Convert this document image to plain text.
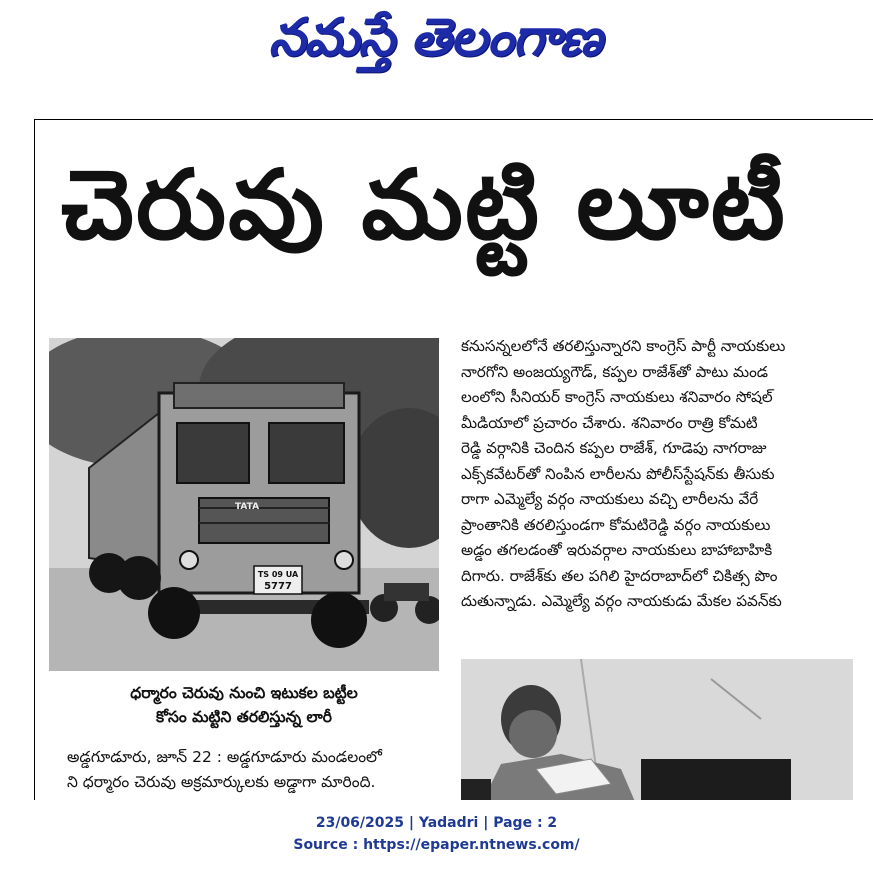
నమస్తే తెలంగాణ
చెరువు మట్టి లూటీ
TS 09 UA
5777
TATA
ధర్మారం చెరువు నుంచి ఇటుకల బట్టీల
కోసం మట్టిని తరలిస్తున్న లారీ
అడ్డగూడూరు, జూన్ 22 : అడ్డగూడూరు మండలంలో
ని ధర్మారం చెరువు అక్రమార్కులకు అడ్డాగా మారింది.
కనుసన్నలలోనే తరలిస్తున్నారని కాంగ్రెస్ పార్టీ నాయకులు
నారగోని అంజయ్యగౌడ్, కప్పల రాజేశ్‌తో పాటు మండ
లంలోని సీనియర్ కాంగ్రెస్ నాయకులు శనివారం సోషల్
మీడియాలో ప్రచారం చేశారు. శనివారం రాత్రి కోమటి
రెడ్డి వర్గానికి చెందిన కప్పల రాజేశ్, గూడెపు నాగరాజు
ఎక్స్‌కవేటర్‌తో నింపిన లారీలను పోలీస్‌స్టేషన్‌కు తీసుకు
రాగా ఎమ్మెల్యే వర్గం నాయకులు వచ్చి లారీలను వేరే
ప్రాంతానికి తరలిస్తుండగా కోమటిరెడ్డి వర్గం నాయకులు
అడ్డం తగలడంతో ఇరువర్గాల నాయకులు బాహాబాహికి
దిగారు. రాజేశ్‌కు తల పగిలి హైదరాబాద్‌లో చికిత్స పొం
దుతున్నాడు. ఎమ్మెల్యే వర్గం నాయకుడు మేకల పవన్‌కు
23/06/2025 | Yadadri | Page : 2
Source : https://epaper.ntnews.com/
